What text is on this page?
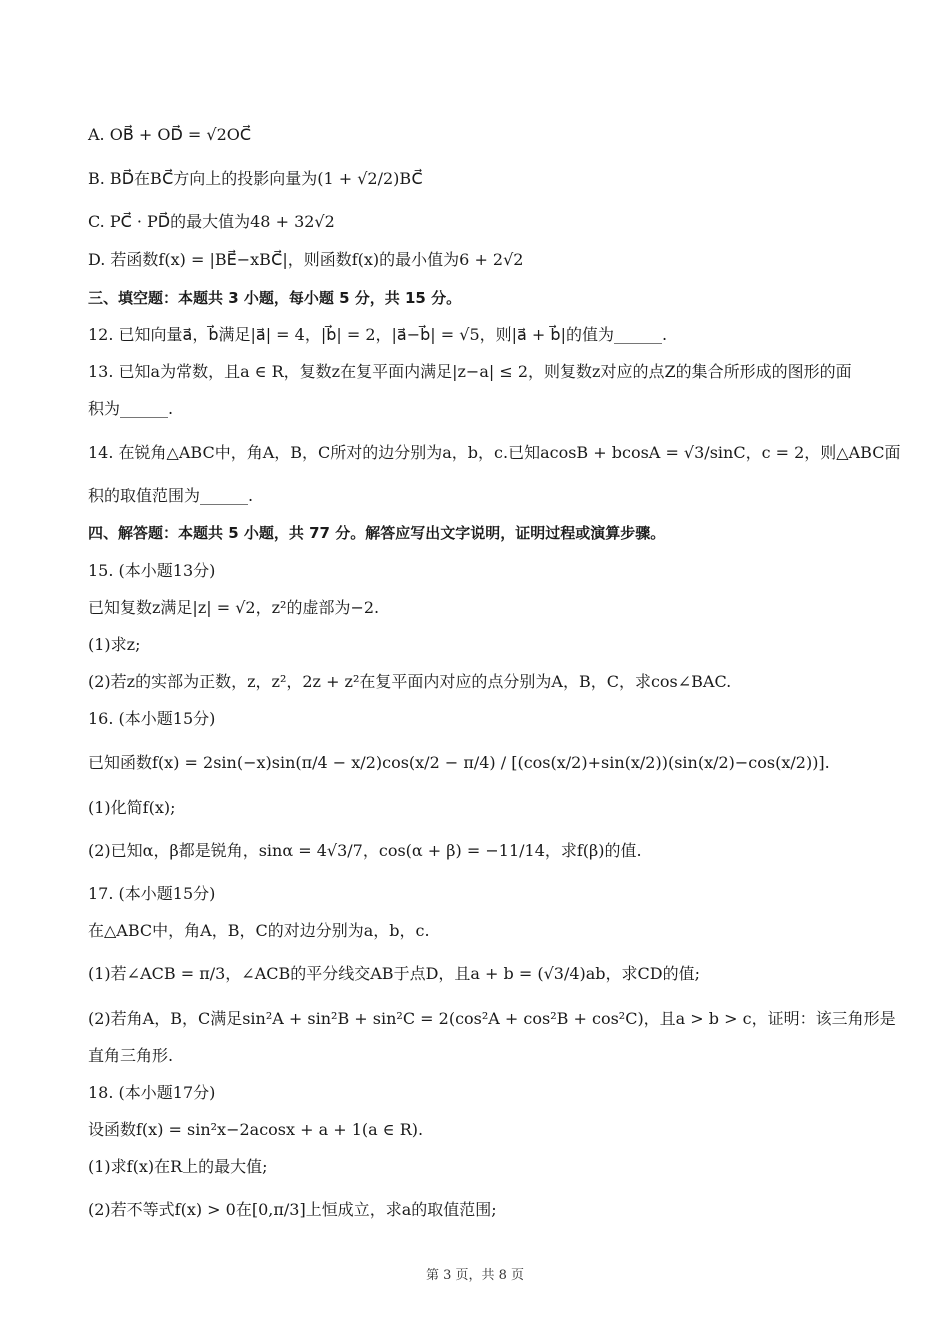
A. OB⃗ + OD⃗ = √2OC⃗
B. BD⃗在BC⃗方向上的投影向量为(1 + √2/2)BC⃗
C. PC⃗ · PD⃗的最大值为48 + 32√2
D. 若函数f(x) = |BE⃗−xBC⃗|，则函数f(x)的最小值为6 + 2√2
三、填空题：本题共 3 小题，每小题 5 分，共 15 分。
12. 已知向量a⃗，b⃗满足|a⃗| = 4，|b⃗| = 2，|a⃗−b⃗| = √5，则|a⃗ + b⃗|的值为______.
13. 已知a为常数，且a ∈ R，复数z在复平面内满足|z−a| ≤ 2，则复数z对应的点Z的集合所形成的图形的面
积为______.
14. 在锐角△ABC中，角A，B，C所对的边分别为a，b，c.已知acosB + bcosA = √3/sinC，c = 2，则△ABC面
积的取值范围为______.
四、解答题：本题共 5 小题，共 77 分。解答应写出文字说明，证明过程或演算步骤。
15. (本小题13分)
已知复数z满足|z| = √2，z²的虚部为−2.
(1)求z;
(2)若z的实部为正数，z，z²，2z + z²在复平面内对应的点分别为A，B，C，求cos∠BAC.
16. (本小题15分)
已知函数f(x) = 2sin(−x)sin(π/4 − x/2)cos(x/2 − π/4) / [(cos(x/2)+sin(x/2))(sin(x/2)−cos(x/2))].
(1)化简f(x);
(2)已知α，β都是锐角，sinα = 4√3/7，cos(α + β) = −11/14，求f(β)的值.
17. (本小题15分)
在△ABC中，角A，B，C的对边分别为a，b，c.
(1)若∠ACB = π/3，∠ACB的平分线交AB于点D，且a + b = (√3/4)ab，求CD的值;
(2)若角A，B，C满足sin²A + sin²B + sin²C = 2(cos²A + cos²B + cos²C)，且a > b > c，证明：该三角形是
直角三角形.
18. (本小题17分)
设函数f(x) = sin²x−2acosx + a + 1(a ∈ R).
(1)求f(x)在R上的最大值;
(2)若不等式f(x) > 0在[0,π/3]上恒成立，求a的取值范围;
第 3 页，共 8 页
